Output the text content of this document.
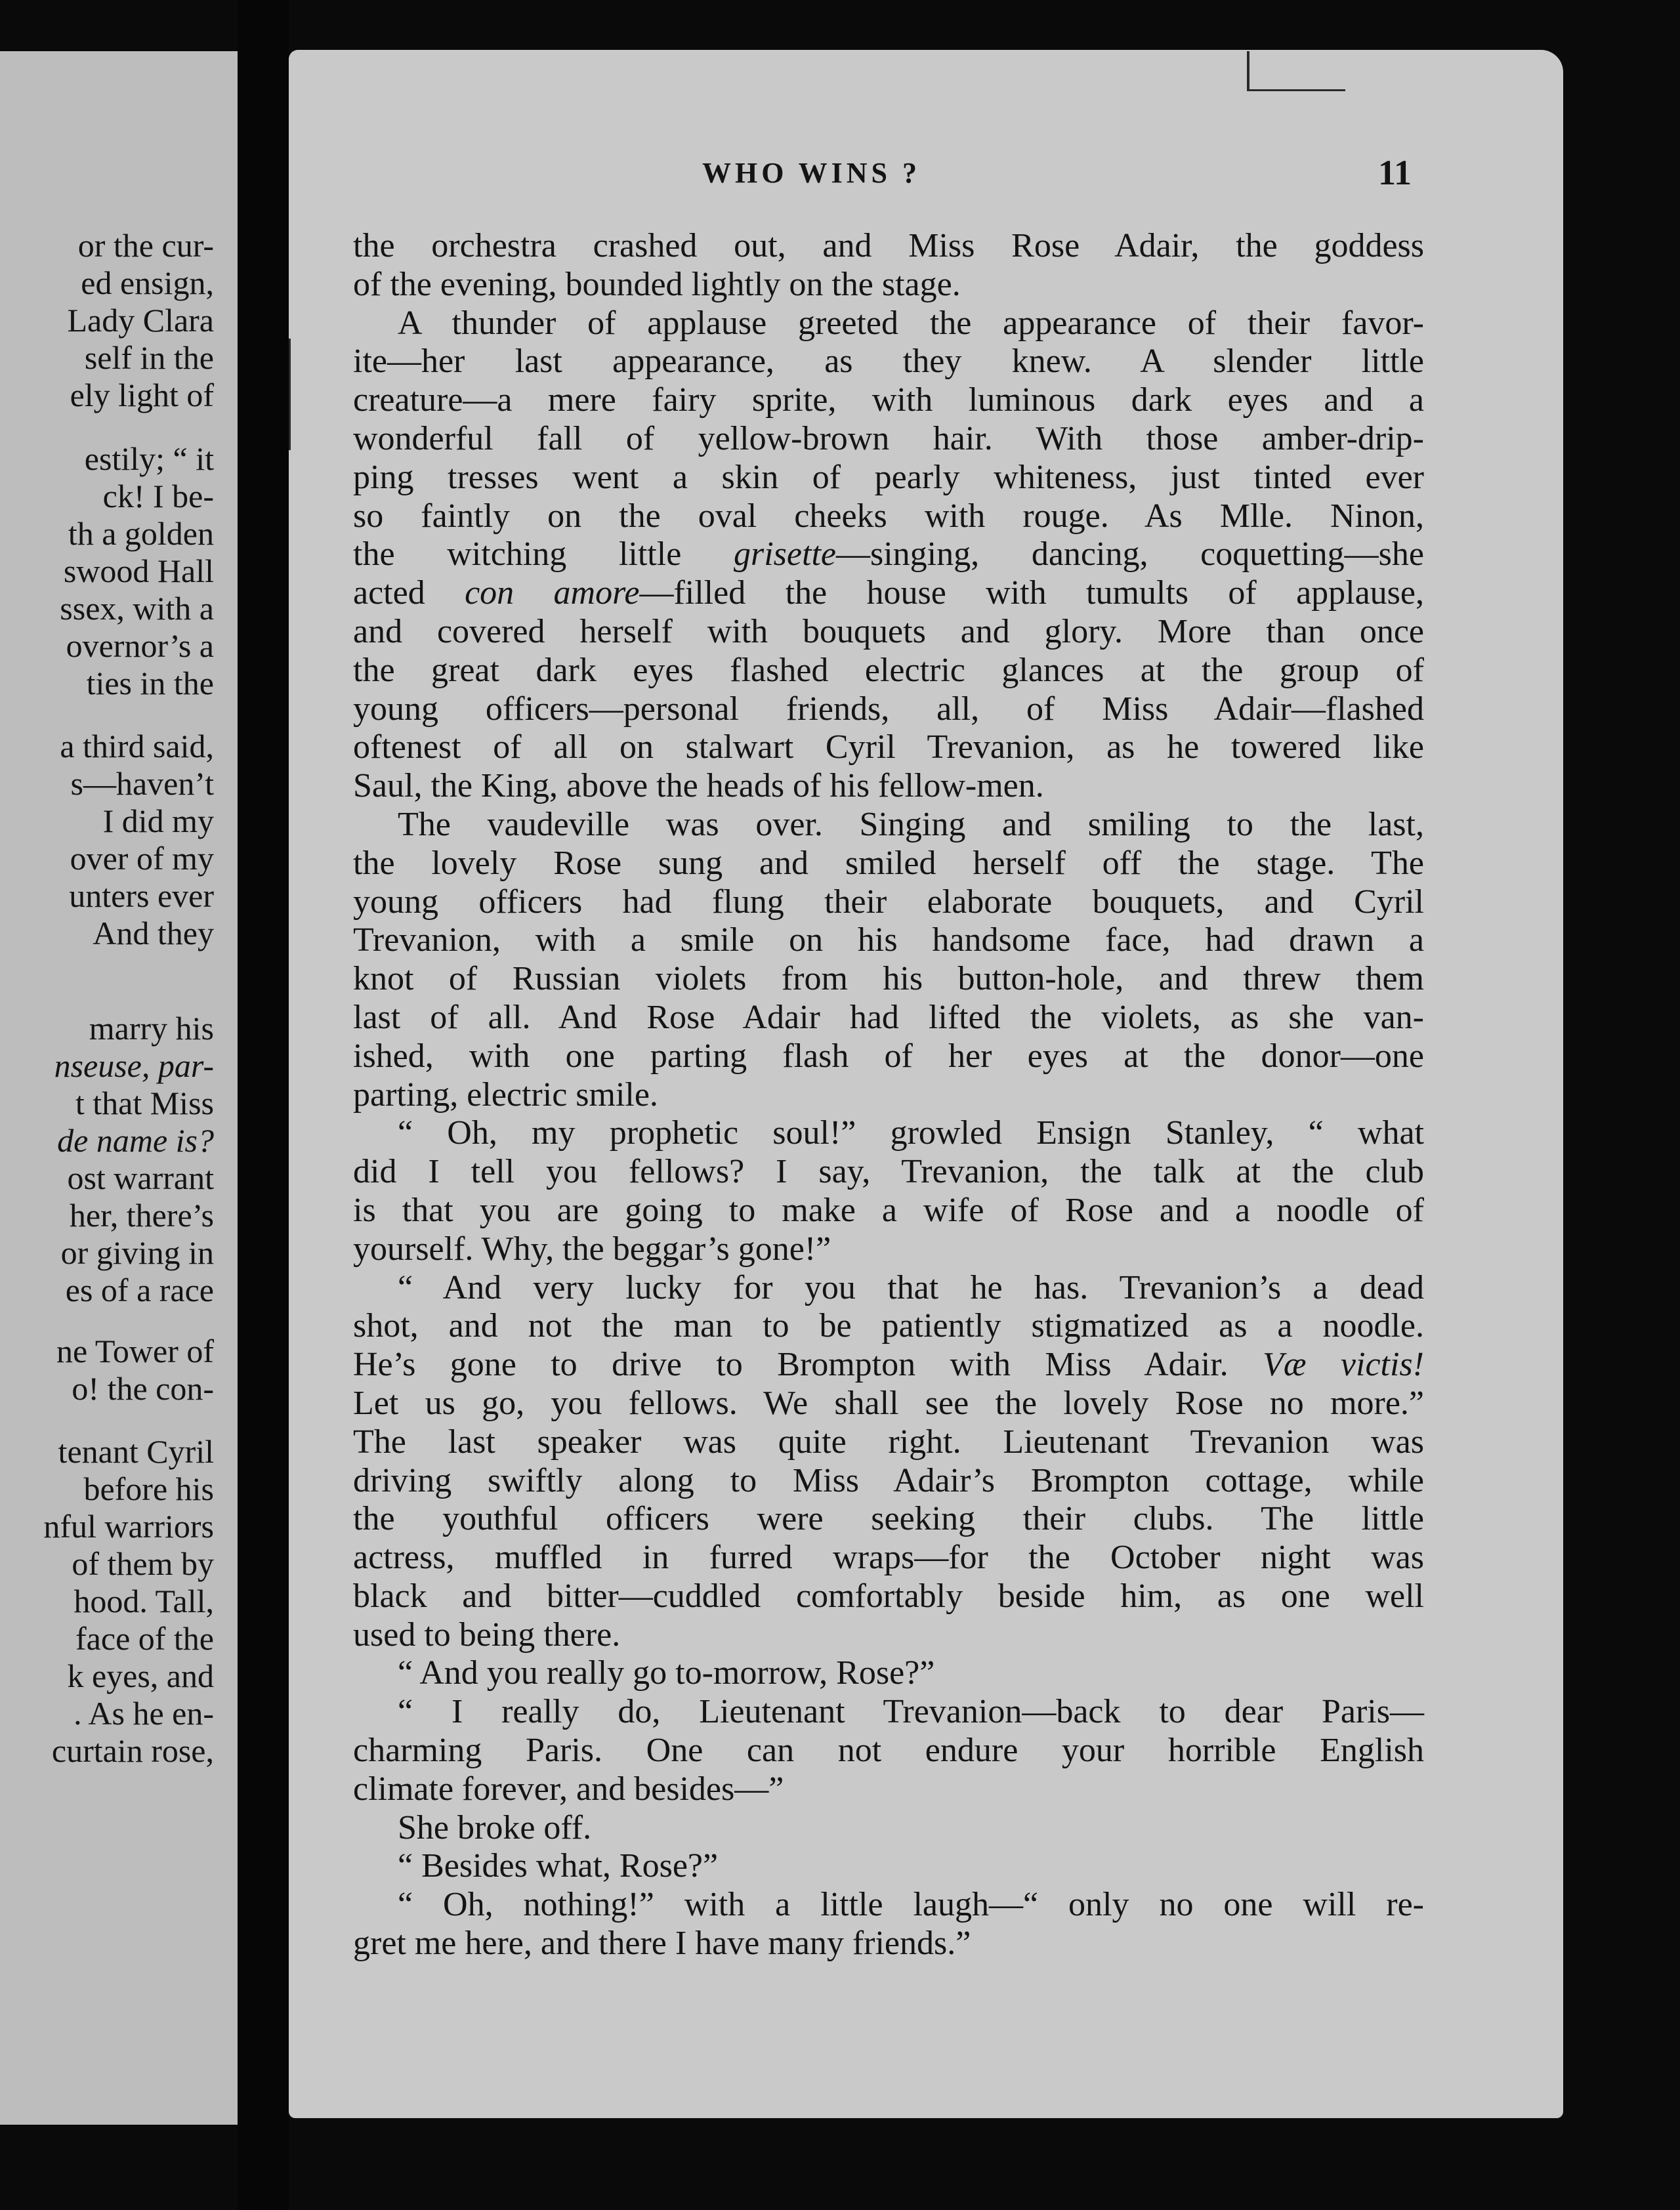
or the cur-
ed ensign,
Lady Clara
self in the
ely light of
estily; “ it
ck! I be-
th a golden
swood Hall
ssex, with a
overnor’s a
ties in the
a third said,
s—haven’t
I did my
over of my
unters ever
And they
marry his
nseuse, par-
t that Miss
de name is?
ost warrant
her, there’s
or giving in
es of a race
ne Tower of
o! the con-
tenant Cyril
before his
nful warriors
of them by
hood. Tall,
face of the
k eyes, and
. As he en-
curtain rose,
WHO WINS ?	11
the orchestra crashed out, and Miss Rose Adair, the goddess
of the evening, bounded lightly on the stage.
A thunder of applause greeted the appearance of their favor-
ite—her last appearance, as they knew. A slender little
creature—a mere fairy sprite, with luminous dark eyes and a
wonderful fall of yellow-brown hair. With those amber-drip-
ping tresses went a skin of pearly whiteness, just tinted ever
so faintly on the oval cheeks with rouge. As Mlle. Ninon,
the witching little grisette—singing, dancing, coquetting—she
acted con amore—filled the house with tumults of applause,
and covered herself with bouquets and glory. More than once
the great dark eyes flashed electric glances at the group of
young officers—personal friends, all, of Miss Adair—flashed
oftenest of all on stalwart Cyril Trevanion, as he towered like
Saul, the King, above the heads of his fellow-men.
The vaudeville was over. Singing and smiling to the last,
the lovely Rose sung and smiled herself off the stage. The
young officers had flung their elaborate bouquets, and Cyril
Trevanion, with a smile on his handsome face, had drawn a
knot of Russian violets from his button-hole, and threw them
last of all. And Rose Adair had lifted the violets, as she van-
ished, with one parting flash of her eyes at the donor—one
parting, electric smile.
“ Oh, my prophetic soul!” growled Ensign Stanley, “ what
did I tell you fellows? I say, Trevanion, the talk at the club
is that you are going to make a wife of Rose and a noodle of
yourself. Why, the beggar’s gone!”
“ And very lucky for you that he has. Trevanion’s a dead
shot, and not the man to be patiently stigmatized as a noodle.
He’s gone to drive to Brompton with Miss Adair. Væ victis!
Let us go, you fellows. We shall see the lovely Rose no more.”
The last speaker was quite right. Lieutenant Trevanion was
driving swiftly along to Miss Adair’s Brompton cottage, while
the youthful officers were seeking their clubs. The little
actress, muffled in furred wraps—for the October night was
black and bitter—cuddled comfortably beside him, as one well
used to being there.
“ And you really go to-morrow, Rose?”
“ I really do, Lieutenant Trevanion—back to dear Paris—
charming Paris. One can not endure your horrible English
climate forever, and besides—”
She broke off.
“ Besides what, Rose?”
“ Oh, nothing!” with a little laugh—“ only no one will re-
gret me here, and there I have many friends.”
